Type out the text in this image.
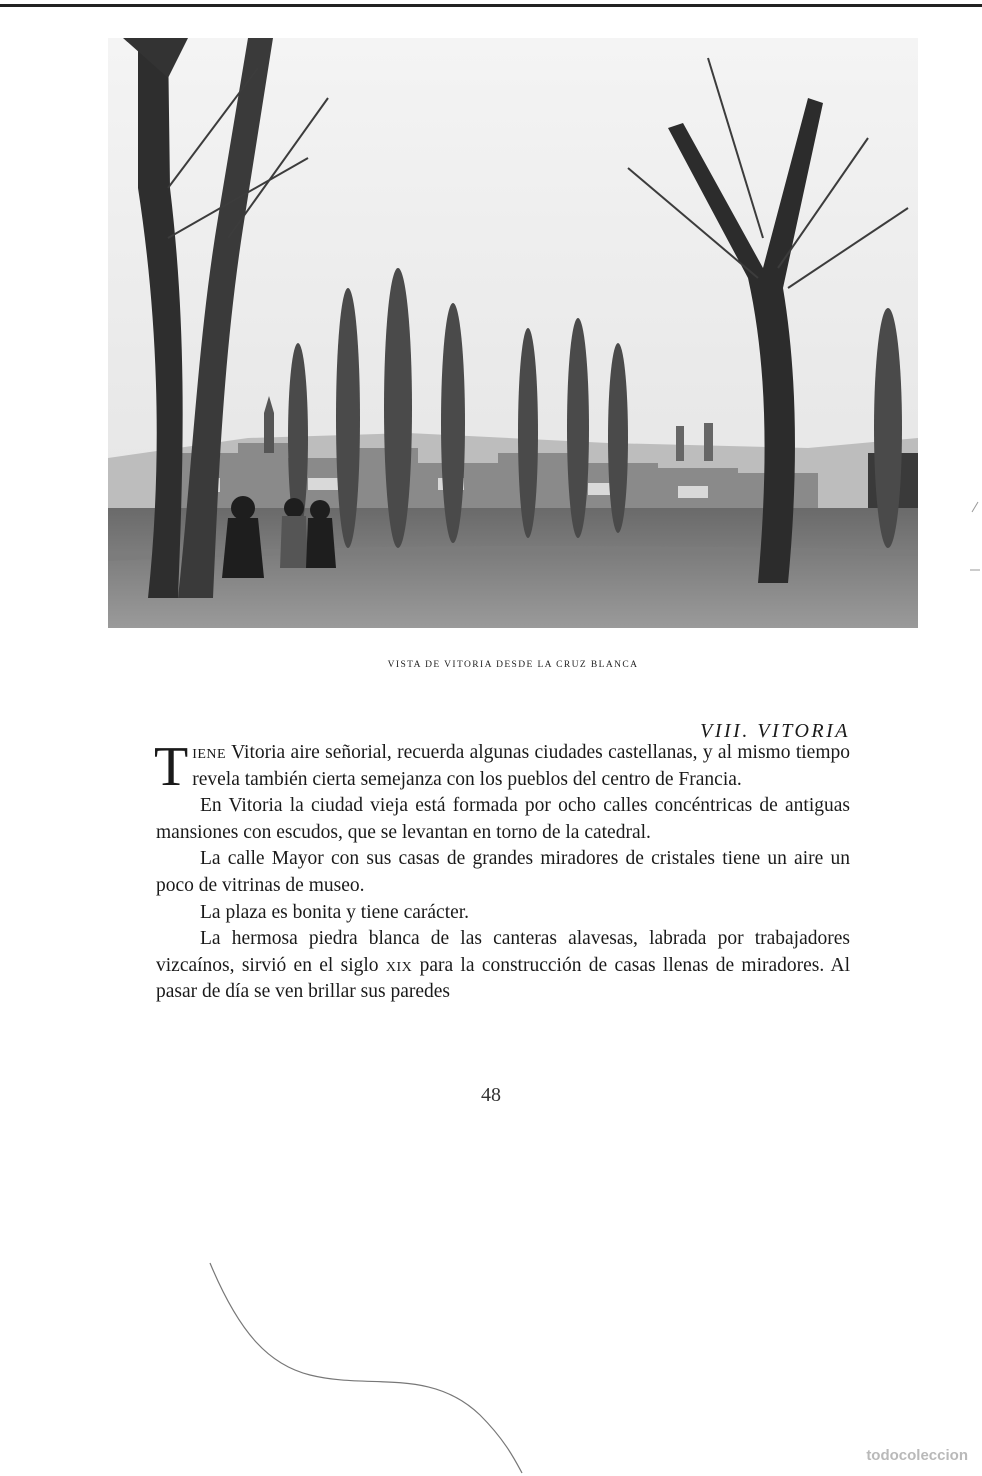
VISTA DE VITORIA DESDE LA CRUZ BLANCA
VIII. VITORIA

Tiene Vitoria aire señorial, recuerda algunas ciudades castellanas, y al mismo tiempo revela también cierta semejanza con los pueblos del centro de Francia.

En Vitoria la ciudad vieja está formada por ocho calles concéntricas de antiguas mansiones con escudos, que se levantan en torno de la catedral.

La calle Mayor con sus casas de grandes miradores de cristales tiene un aire un poco de vitrinas de museo.

La plaza es bonita y tiene carácter.

La hermosa piedra blanca de las canteras alavesas, labrada por trabajadores vizcaínos, sirvió en el siglo xix para la construcción de casas llenas de miradores. Al pasar de día se ven brillar sus paredes

48
todocoleccion
